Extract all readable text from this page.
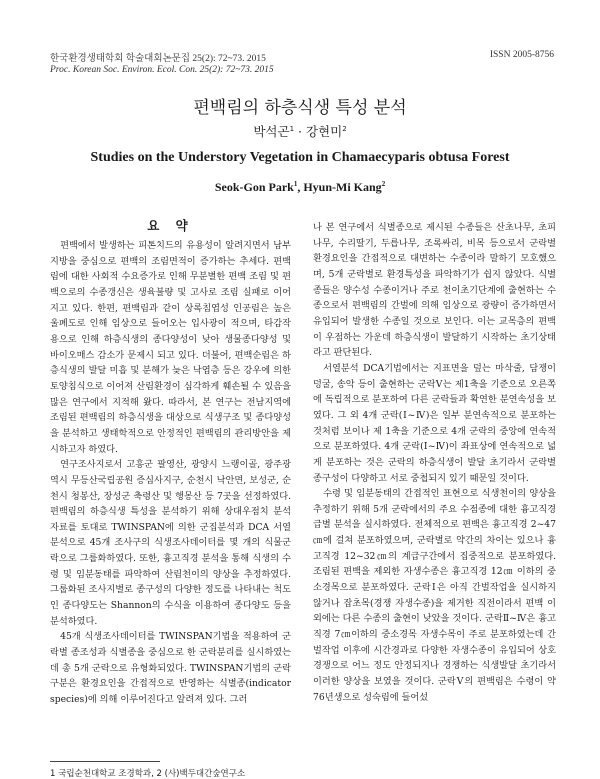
한국환경생태학회 학술대회논문집 25(2): 72~73. 2015
Proc. Korean Soc. Environ. Ecol. Con. 25(2): 72~73. 2015
ISSN 2005-8756
편백림의 하층식생 특성 분석
박석곤$^1$ · 강현미$^2$
Studies on the Understory Vegetation in Chamaecyparis obtusa Forest
Seok-Gon Park$^1$, Hyun-Mi Kang$^2$
요 약

편백에서 발생하는 피톤치드의 유용성이 알려지면서 남부지방을 중심으로 편백의 조림면적이 증가하는 추세다. 편백림에 대한 사회적 수요증가로 인해 무분별한 편백 조림 및 편백으로의 수종갱신은 생육불량 및 고사로 조림 실패로 이어지고 있다. 한편, 편백림과 같이 상록침엽성 인공림은 높은 울폐도로 인해 임상으로 들어오는 입사광이 적으며, 타감작용으로 인해 하층식생의 종다양성이 낮아 생물종다양성 및 바이오매스 감소가 문제시 되고 있다. 더불어, 편백순림은 하층식생의 발달 미흡 및 분해가 늦은 낙엽층 등은 강우에 의한 토양침식으로 이어져 산림환경이 심각하게 훼손될 수 있음을 많은 연구에서 지적해 왔다. 따라서, 본 연구는 전남지역에 조림된 편백림의 하층식생을 대상으로 식생구조 및 종다양성을 분석하고 생태학적으로 안정적인 편백림의 관리방안을 제시하고자 하였다.

연구조사지로서 고흥군 팔영산, 광양시 느랭이골, 광주광역시 무등산국립공원 증심사지구, 순천시 낙안면, 보성군, 순천시 청봉산, 장성군 축령산 및 행몽산 등 7곳을 선정하였다. 편백림의 하층식생 특성을 분석하기 위해 상대우점치 분석 자료를 토대로 TWINSPAN에 의한 군집분석과 DCA 서열분석으로 45개 조사구의 식생조사데이터를 몇 개의 식물군락으로 그룹화하였다. 또한, 흉고직경 분석을 통해 식생의 수령 및 임분동태를 파악하여 산림천이의 양상을 추정하였다. 그룹화된 조사지별로 종구성의 다양한 정도를 나타내는 척도인 종다양도는 Shannon의 수식을 이용하여 종다양도 등을 분석하였다.

45개 식생조사데이터를 TWINSPAN기법을 적용하여 군락별 종조성과 식별종을 중심으로 한 군락분리를 실시하였는데 총 5개 군락으로 유형화되었다. TWINSPAN기법의 군락구분은 환경요인을 간접적으로 반영하는 식별종(indicator species)에 의해 이루어진다고 알려져 있다. 그러

나 본 연구에서 식별종으로 제시된 수종들은 산초나무, 초피나무, 수리딸기, 두릅나무, 조록싸리, 비목 등으로서 군락별 환경요인을 간접적으로 대변하는 수종이라 말하기 모호했으며, 5개 군락별로 환경특성을 파악하기가 쉽지 않았다. 식별종들은 양수성 수종이거나 주로 천이초기단계에 출현하는 수종으로서 편백림의 간벌에 의해 임상으로 광량이 증가하면서 유입되어 발생한 수종일 것으로 보인다. 이는 교목층의 편백이 우점하는 가운데 하층식생이 발달하기 시작하는 초기상태라고 판단된다.

서열분석 DCA기법에서는 지표면을 덮는 마삭줄, 담쟁이덩굴, 송악 등이 출현하는 군락Ⅴ는 제1축을 기준으로 오른쪽에 독립적으로 분포하여 다른 군락들과 확연한 분연속성을 보였다. 그 외 4개 군락(Ⅰ~Ⅳ)은 일부 분연속적으로 분포하는 것처럼 보이나 제 1축을 기준으로 4개 군락의 중앙에 연속적으로 분포하였다. 4개 군락(Ⅰ~Ⅳ)이 좌표상에 연속적으로 넓게 분포하는 것은 군락의 하층식생이 발달 초기라서 군락별 종구성이 다양하고 서로 중첩되지 있기 때문일 것이다.

수령 및 임분동태의 간접적인 표현으로 식생천이의 양상을 추정하기 위해 5개 군락에서의 주요 수점종에 대한 흉고직경급별 분석을 실시하였다. 전체적으로 편백은 흉고직경 2~47㎝에 걸쳐 분포하였으며, 군락별로 약간의 차이는 있으나 흉고직경 12~32㎝의 계급구간에서 집중적으로 분포하였다. 조림된 편백을 제외한 자생수종은 흉고직경 12㎝ 이하의 중소경목으로 분포하였다. 군락Ⅰ은 아직 간벌작업을 실시하지 않거나 잡초목(경쟁 자생수종)을 제거한 직전이라서 편백 이외에는 다른 수종의 출현이 낮았을 것이다. 군락Ⅱ~Ⅳ은 흉고직경 7㎝이하의 중소경목 자생수목이 주로 분포하였는데 간벌작업 이후에 시간경과로 다양한 자생수종이 유입되어 상호 경쟁으로 어느 정도 안정되지나 경쟁하는 식생발달 초기라서 이러한 양상을 보였을 것이다. 군락Ⅴ의 편백림은 수령이 약 76년생으로 성숙림에 들어섰

1 국립순천대학교 조경학과, 2 (사)백두대간숲연구소
